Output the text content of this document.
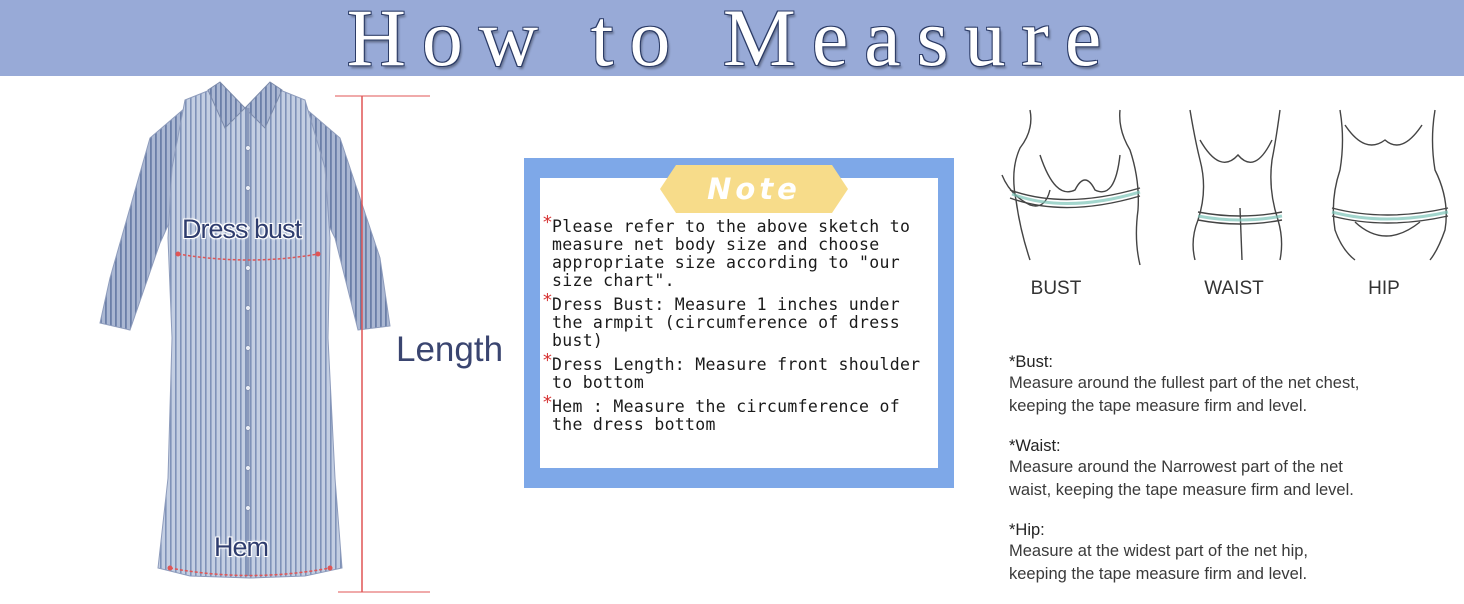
How to Measure
Dress bust
Hem
Length
Note
*
Please refer to the above sketch to measure net body size and choose appropriate size according to "our size chart".
*
Dress Bust: Measure 1 inches under the armpit (circumference of dress bust)
*
Dress Length: Measure front shoulder to bottom
*
Hem : Measure the circumference of the dress bottom
BUST	WAIST	HIP
*Bust:
Measure around the fullest part of the net chest,
keeping the tape measure firm and level.
*Waist:
Measure around the Narrowest part of the net
waist, keeping the tape measure firm and level.
*Hip:
Measure at the widest part of the net hip,
keeping the tape measure firm and level.
